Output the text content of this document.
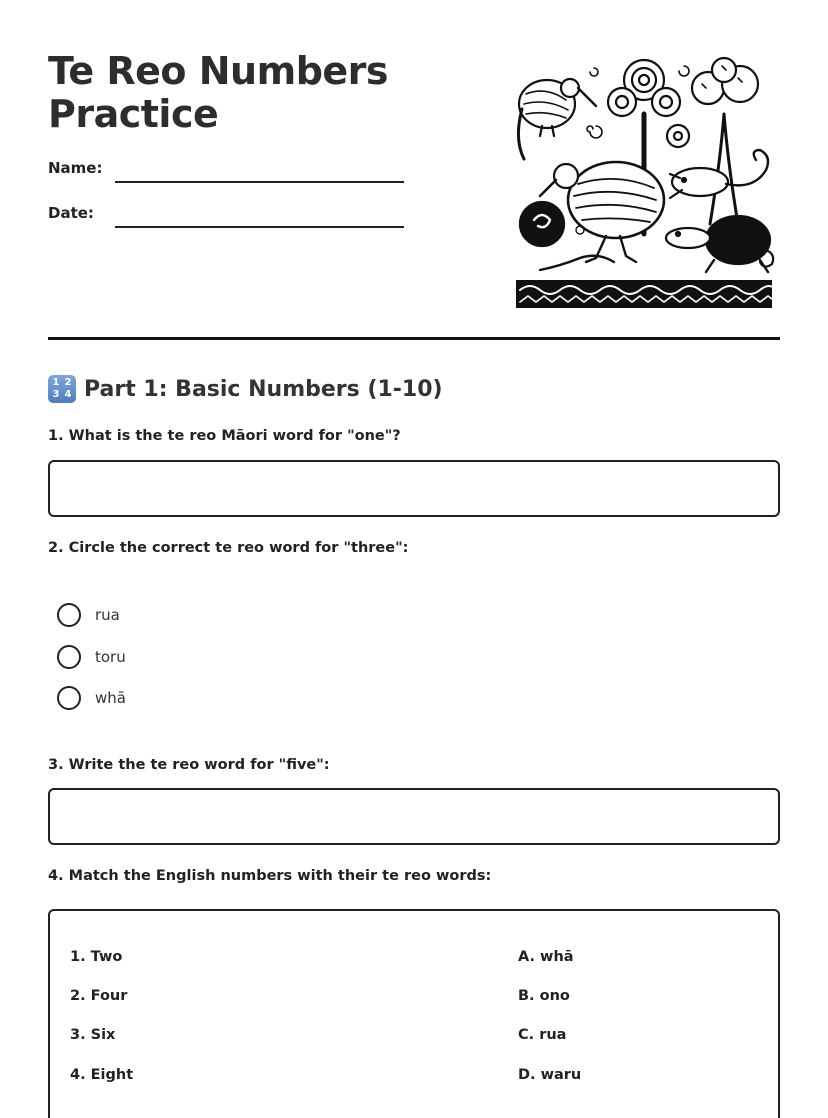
Te Reo Numbers Practice
Name:
Date:
1 2
3 4 Part 1: Basic Numbers (1-10)
1. What is the te reo Māori word for "one"?
2. Circle the correct te reo word for "three":
rua
toru
whā
3. Write the te reo word for "five":
4. Match the English numbers with their te reo words:
1. Two
2. Four
3. Six
4. Eight
A. whā
B. ono
C. rua
D. waru
